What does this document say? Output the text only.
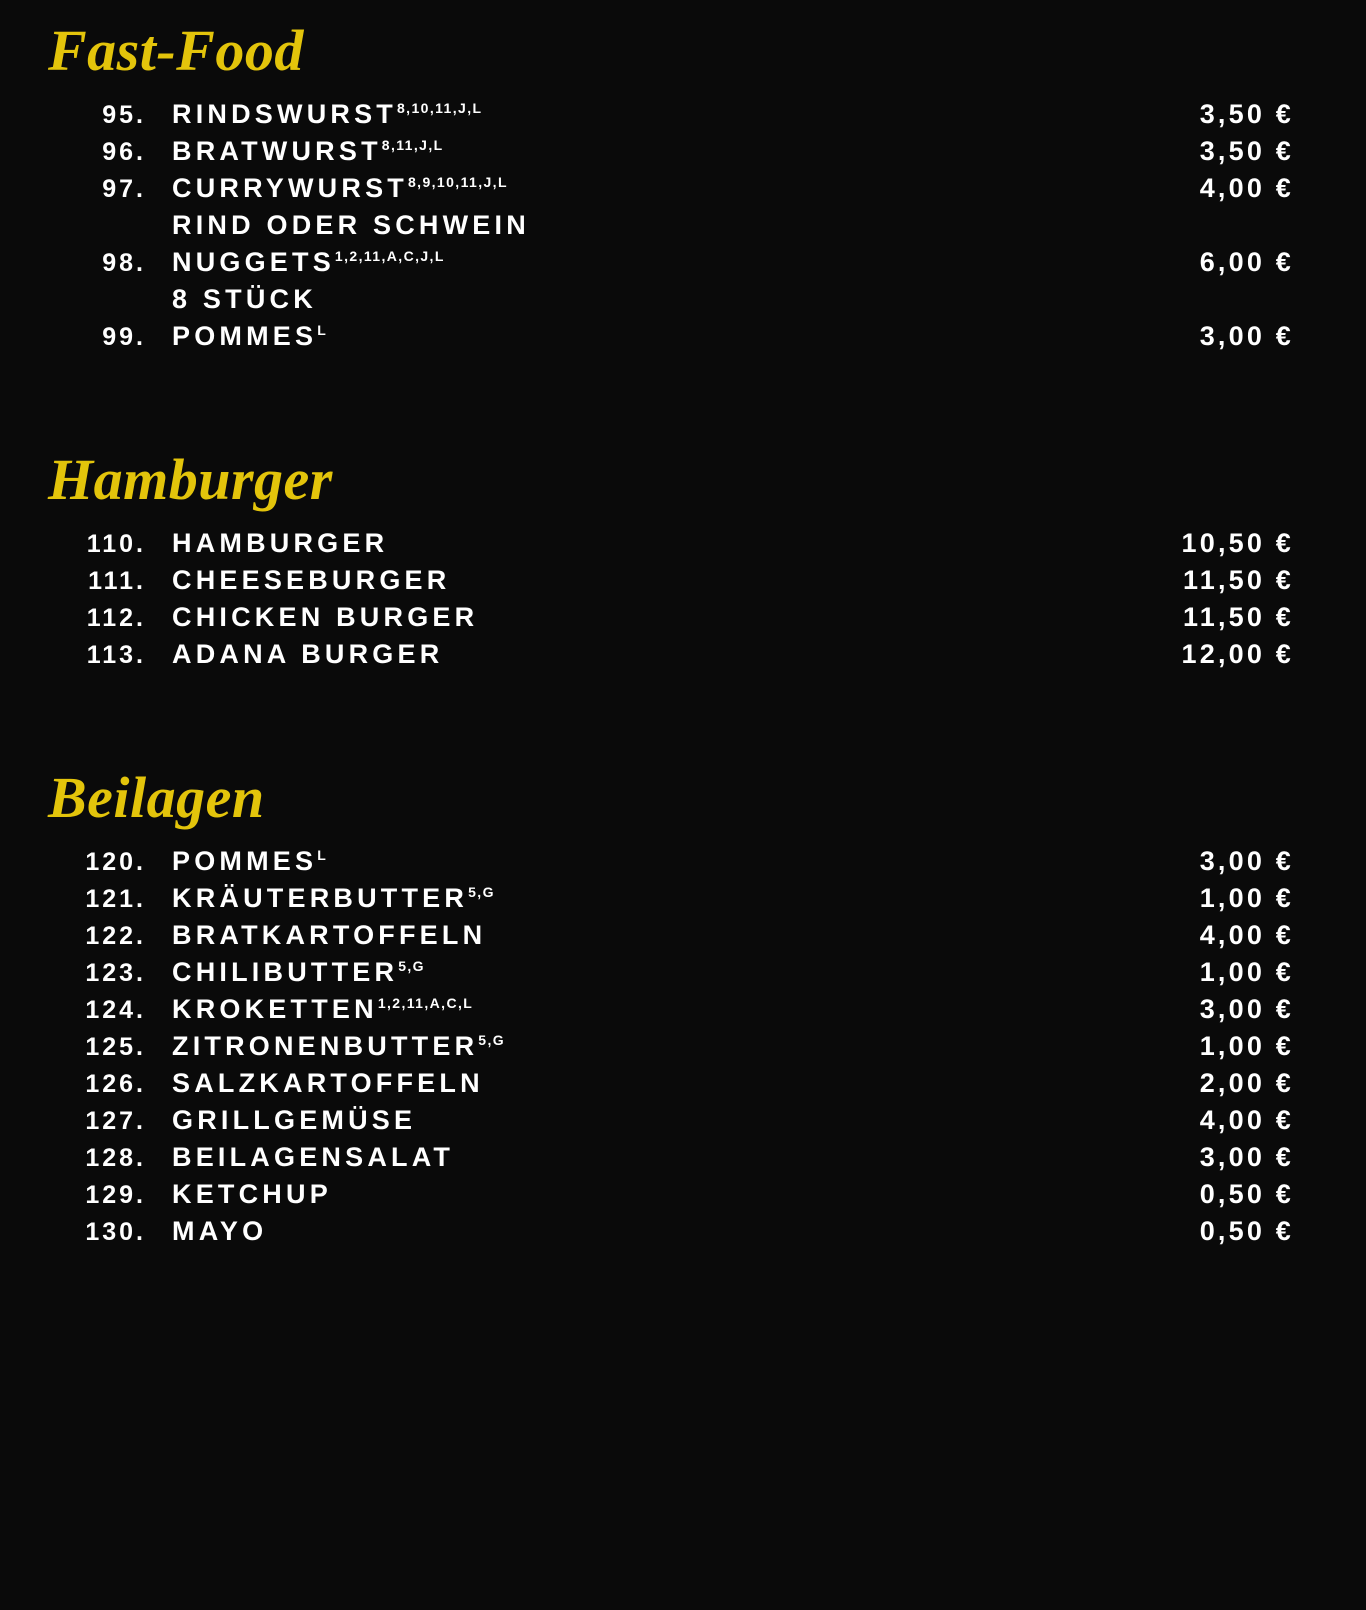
Fast-Food
95. $RINDSWURST^{8,10,11,J,L}$	3,50 €
96. $BRATWURST^{8,11,J,L}$	3,50 €
97. $CURRYWURST^{8,9,10,11,J,L}$	4,00 €
RIND ODER SCHWEIN
98. $NUGGETS^{1,2,11,A,C,J,L}$	6,00 €
8 STÜCK
99. $POMMES^L$	3,00 €
Hamburger
110. HAMBURGER	10,50 €
111. CHEESEBURGER	11,50 €
112. CHICKEN BURGER	11,50 €
113. ADANA BURGER	12,00 €
Beilagen
120. $POMMES^L$	3,00 €
121. $KRÄUTERBUTTER^{5,G}$	1,00 €
122. BRATKARTOFFELN	4,00 €
123. $CHILIBUTTER^{5,G}$	1,00 €
124. $KROKETTEN^{1,2,11,A,C,L}$	3,00 €
125. $ZITRONENBUTTER^{5,G}$	1,00 €
126. SALZKARTOFFELN	2,00 €
127. GRILLGEMÜSE	4,00 €
128. BEILAGENSALAT	3,00 €
129. KETCHUP	0,50 €
130. MAYO	0,50 €
